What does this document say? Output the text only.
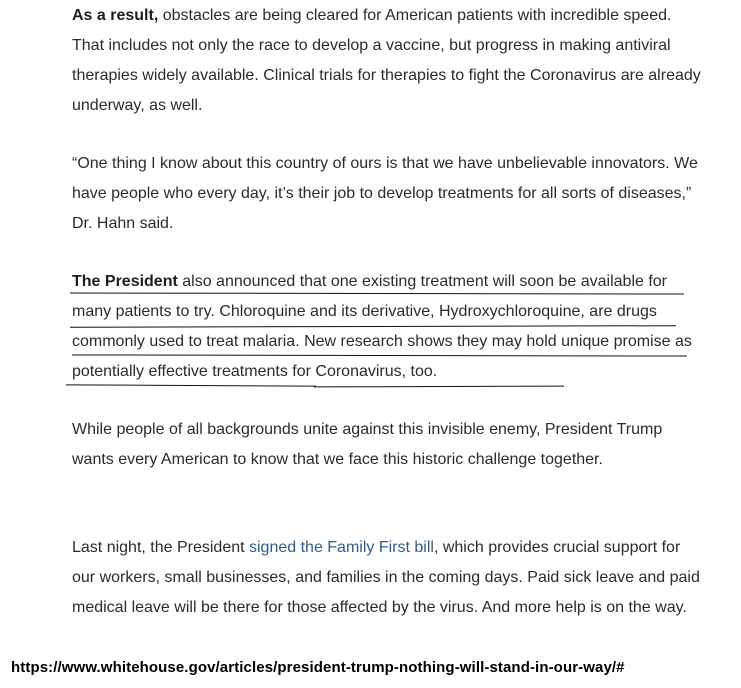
As a result, obstacles are being cleared for American patients with incredible speed. That includes not only the race to develop a vaccine, but progress in making antiviral therapies widely available. Clinical trials for therapies to fight the Coronavirus are already underway, as well.

“One thing I know about this country of ours is that we have unbelievable innovators. We have people who every day, it’s their job to develop treatments for all sorts of diseases,” Dr. Hahn said.

The President also announced that one existing treatment will soon be available for many patients to try. Chloroquine and its derivative, Hydroxychloroquine, are drugs commonly used to treat malaria. New research shows they may hold unique promise as potentially effective treatments for Coronavirus, too.

While people of all backgrounds unite against this invisible enemy, President Trump wants every American to know that we face this historic challenge together.

Last night, the President signed the Family First bill, which provides crucial support for our workers, small businesses, and families in the coming days. Paid sick leave and paid medical leave will be there for those affected by the virus. And more help is on the way.

https://www.whitehouse.gov/articles/president-trump-nothing-will-stand-in-our-way/#
